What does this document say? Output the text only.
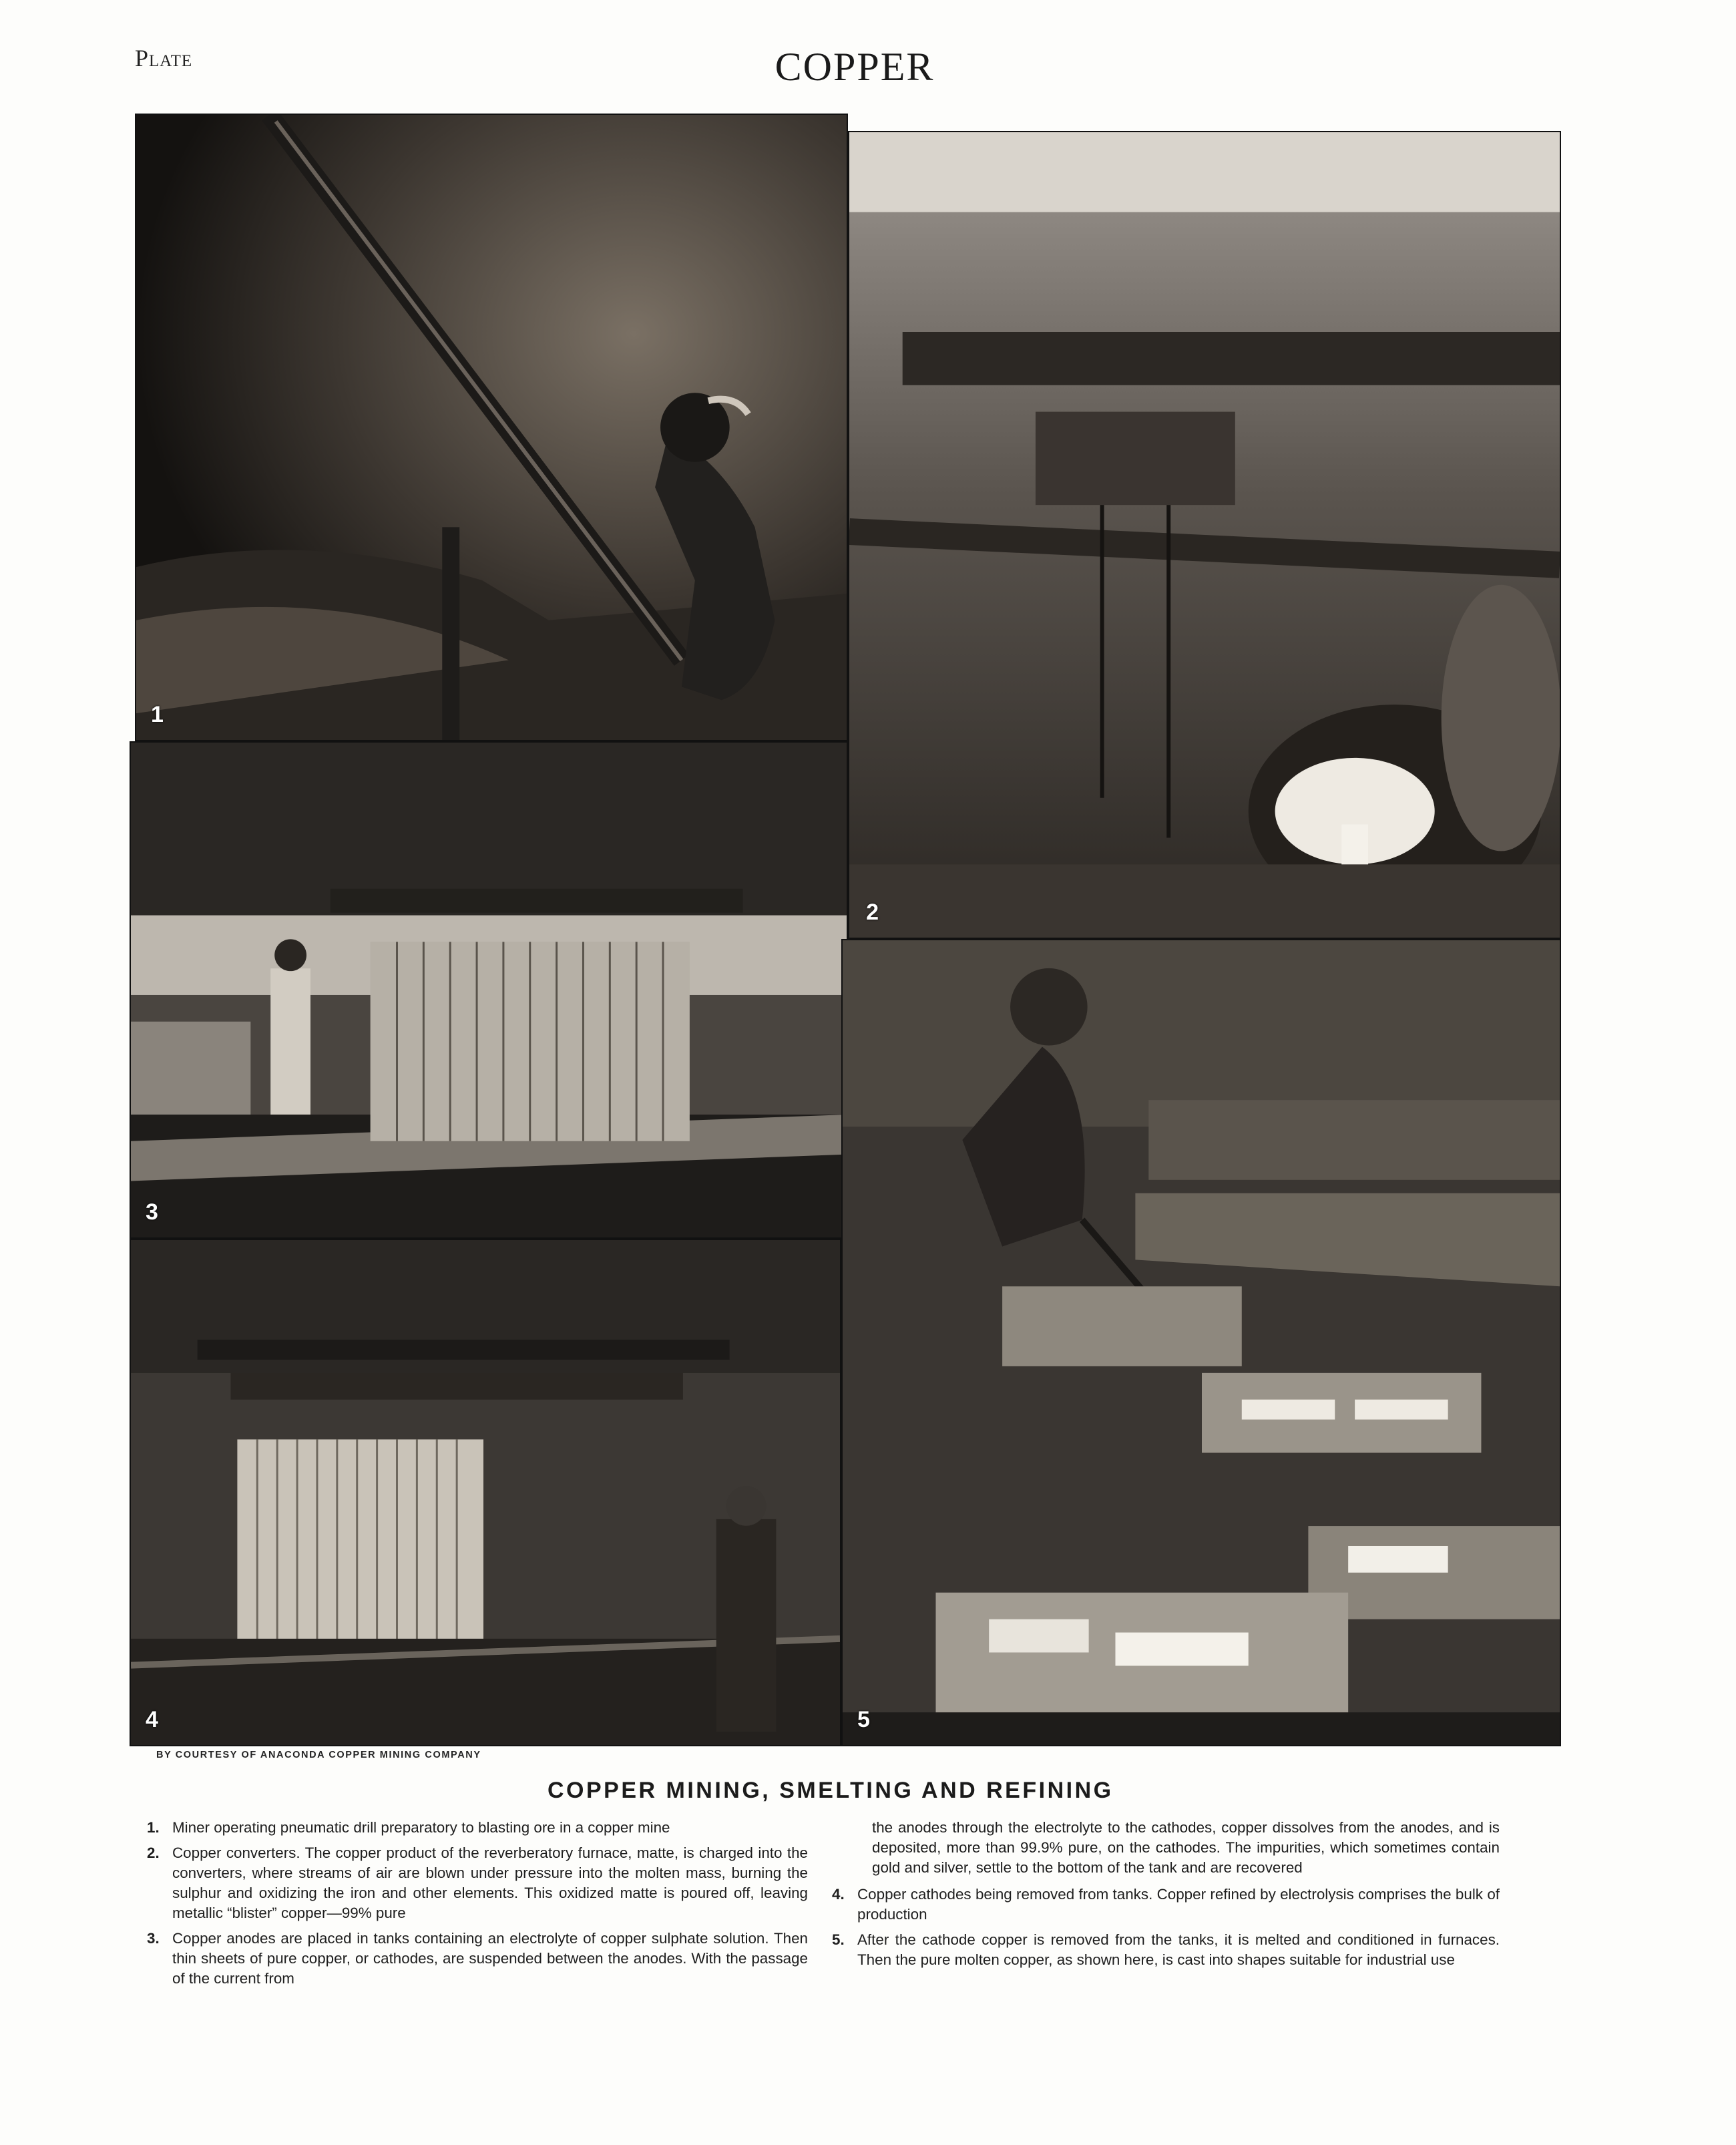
Plate	COPPER
1
2
3
4	5
BY COURTESY OF ANACONDA COPPER MINING COMPANY
COPPER MINING, SMELTING AND REFINING
1. Miner operating pneumatic drill preparatory to blasting ore in a copper mine
2. Copper converters. The copper product of the reverberatory furnace, matte, is charged into the converters, where streams of air are blown under pressure into the molten mass, burning the sulphur and oxidizing the iron and other elements. This oxidized matte is poured off, leaving metallic “blister” copper—99% pure
3. Copper anodes are placed in tanks containing an electrolyte of copper sulphate solution. Then thin sheets of pure copper, or cathodes, are suspended between the anodes. With the passage of the current from
the anodes through the electrolyte to the cathodes, copper dissolves from the anodes, and is deposited, more than 99.9% pure, on the cathodes. The impurities, which sometimes contain gold and silver, settle to the bottom of the tank and are recovered
4. Copper cathodes being removed from tanks. Copper refined by electrolysis comprises the bulk of production
5. After the cathode copper is removed from the tanks, it is melted and conditioned in furnaces. Then the pure molten copper, as shown here, is cast into shapes suitable for industrial use
